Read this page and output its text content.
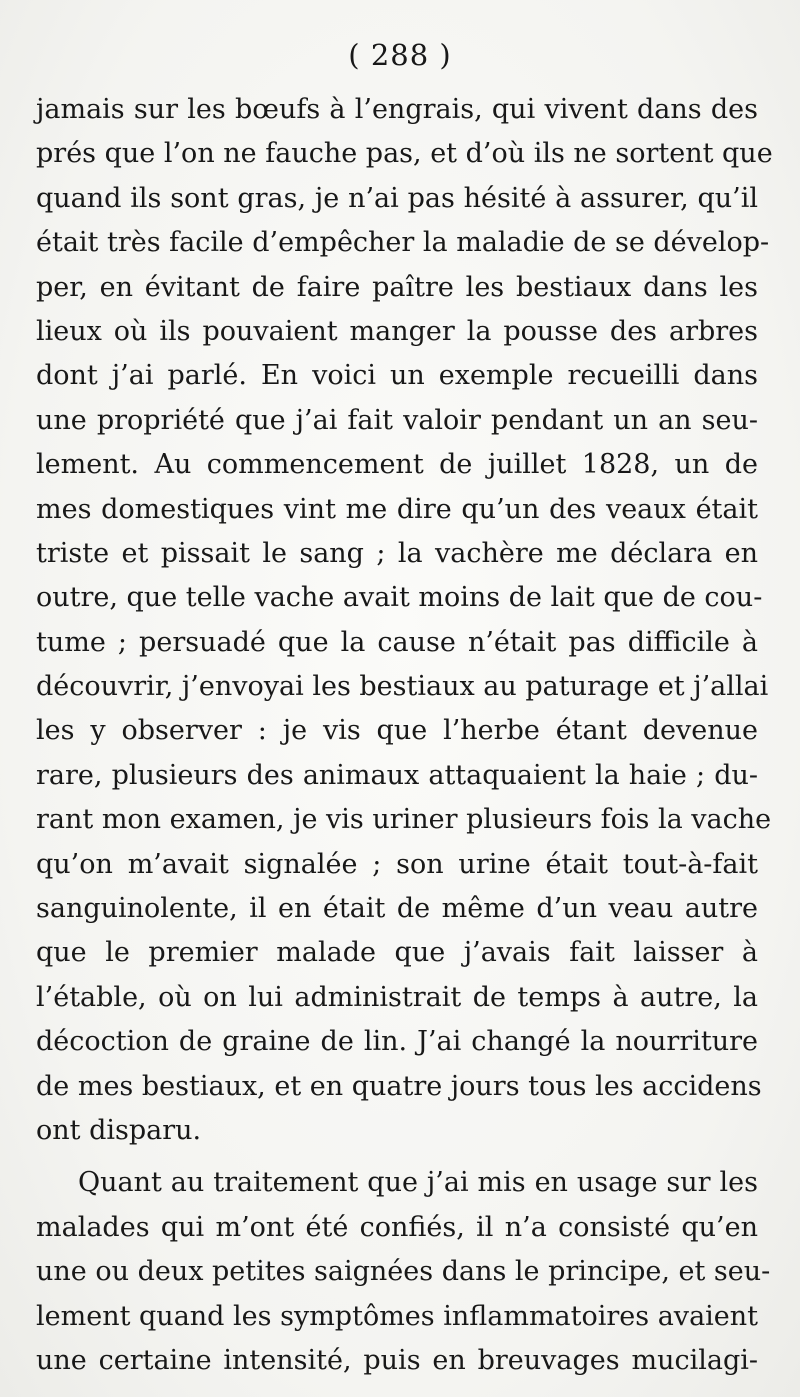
( 288 )
jamais sur les bœufs à l’engrais, qui vivent dans des
prés que l’on ne fauche pas, et d’où ils ne sortent que
quand ils sont gras, je n’ai pas hésité à assurer, qu’il
était très facile d’empêcher la maladie de se dévelop-
per, en évitant de faire paître les bestiaux dans les
lieux où ils pouvaient manger la pousse des arbres
dont j’ai parlé. En voici un exemple recueilli dans
une propriété que j’ai fait valoir pendant un an seu-
lement. Au commencement de juillet 1828, un de
mes domestiques vint me dire qu’un des veaux était
triste et pissait le sang ; la vachère me déclara en
outre, que telle vache avait moins de lait que de cou-
tume ; persuadé que la cause n’était pas difficile à
découvrir, j’envoyai les bestiaux au paturage et j’allai
les y observer : je vis que l’herbe étant devenue
rare, plusieurs des animaux attaquaient la haie ; du-
rant mon examen, je vis uriner plusieurs fois la vache
qu’on m’avait signalée ; son urine était tout-à-fait
sanguinolente, il en était de même d’un veau autre
que le premier malade que j’avais fait laisser à
l’étable, où on lui administrait de temps à autre, la
décoction de graine de lin. J’ai changé la nourriture
de mes bestiaux, et en quatre jours tous les accidens
ont disparu.
Quant au traitement que j’ai mis en usage sur les
malades qui m’ont été confiés, il n’a consisté qu’en
une ou deux petites saignées dans le principe, et seu-
lement quand les symptômes inflammatoires avaient
une certaine intensité, puis en breuvages mucilagi-
